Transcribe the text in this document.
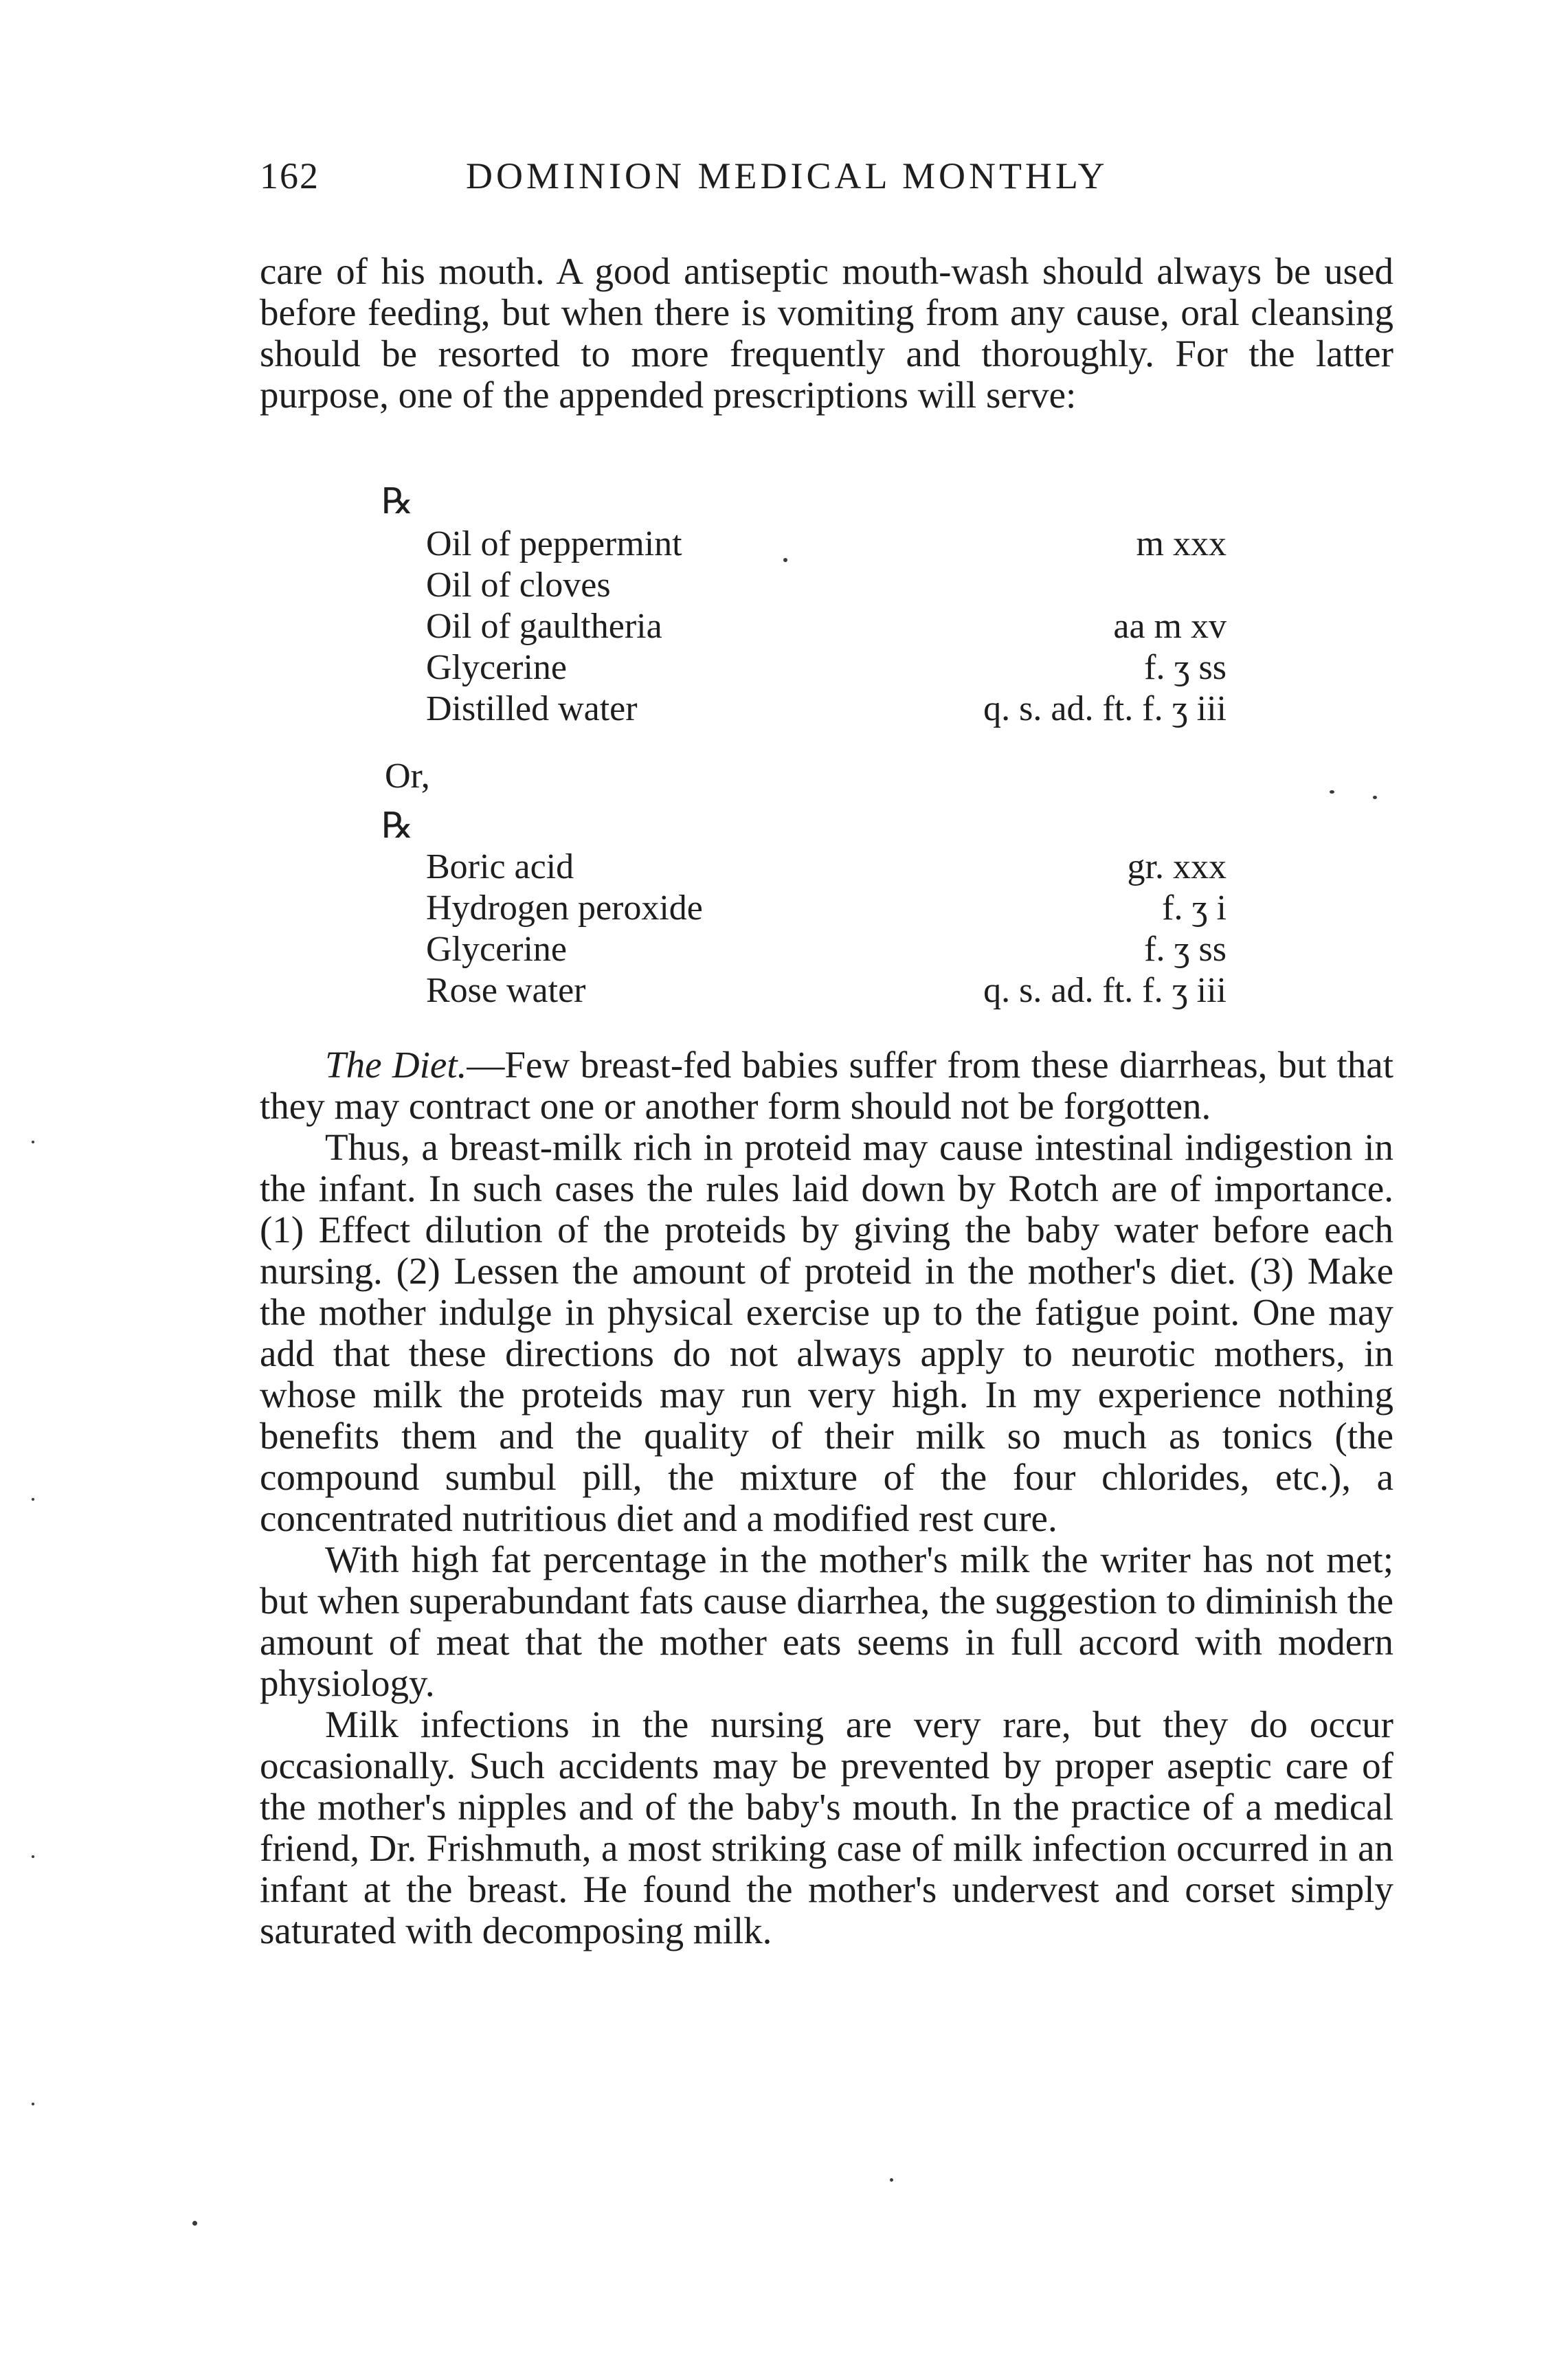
162	DOMINION MEDICAL MONTHLY

care of his mouth. A good antiseptic mouth-wash should always be used before feeding, but when there is vomiting from any cause, oral cleansing should be resorted to more frequently and thoroughly. For the latter purpose, one of the appended prescriptions will serve:

℞
Oil of peppermint	m xxx
Oil of cloves
Oil of gaultheria	aa m xv
Glycerine	f. ʒ ss
Distilled water	q. s. ad. ft. f. ʒ iii
Or,
℞
Boric acid	gr. xxx
Hydrogen peroxide	f. ʒ i
Glycerine	f. ʒ ss
Rose water	q. s. ad. ft. f. ʒ iii

The Diet.—Few breast-fed babies suffer from these diarrheas, but that they may contract one or another form should not be forgotten.

Thus, a breast-milk rich in proteid may cause intestinal indigestion in the infant. In such cases the rules laid down by Rotch are of importance. (1) Effect dilution of the proteids by giving the baby water before each nursing. (2) Lessen the amount of proteid in the mother's diet. (3) Make the mother indulge in physical exercise up to the fatigue point. One may add that these directions do not always apply to neurotic mothers, in whose milk the proteids may run very high. In my experience nothing benefits them and the quality of their milk so much as tonics (the compound sumbul pill, the mixture of the four chlorides, etc.), a concentrated nutritious diet and a modified rest cure.

With high fat percentage in the mother's milk the writer has not met; but when superabundant fats cause diarrhea, the suggestion to diminish the amount of meat that the mother eats seems in full accord with modern physiology.

Milk infections in the nursing are very rare, but they do occur occasionally. Such accidents may be prevented by proper aseptic care of the mother's nipples and of the baby's mouth. In the practice of a medical friend, Dr. Frishmuth, a most striking case of milk infection occurred in an infant at the breast. He found the mother's undervest and corset simply saturated with decomposing milk.
